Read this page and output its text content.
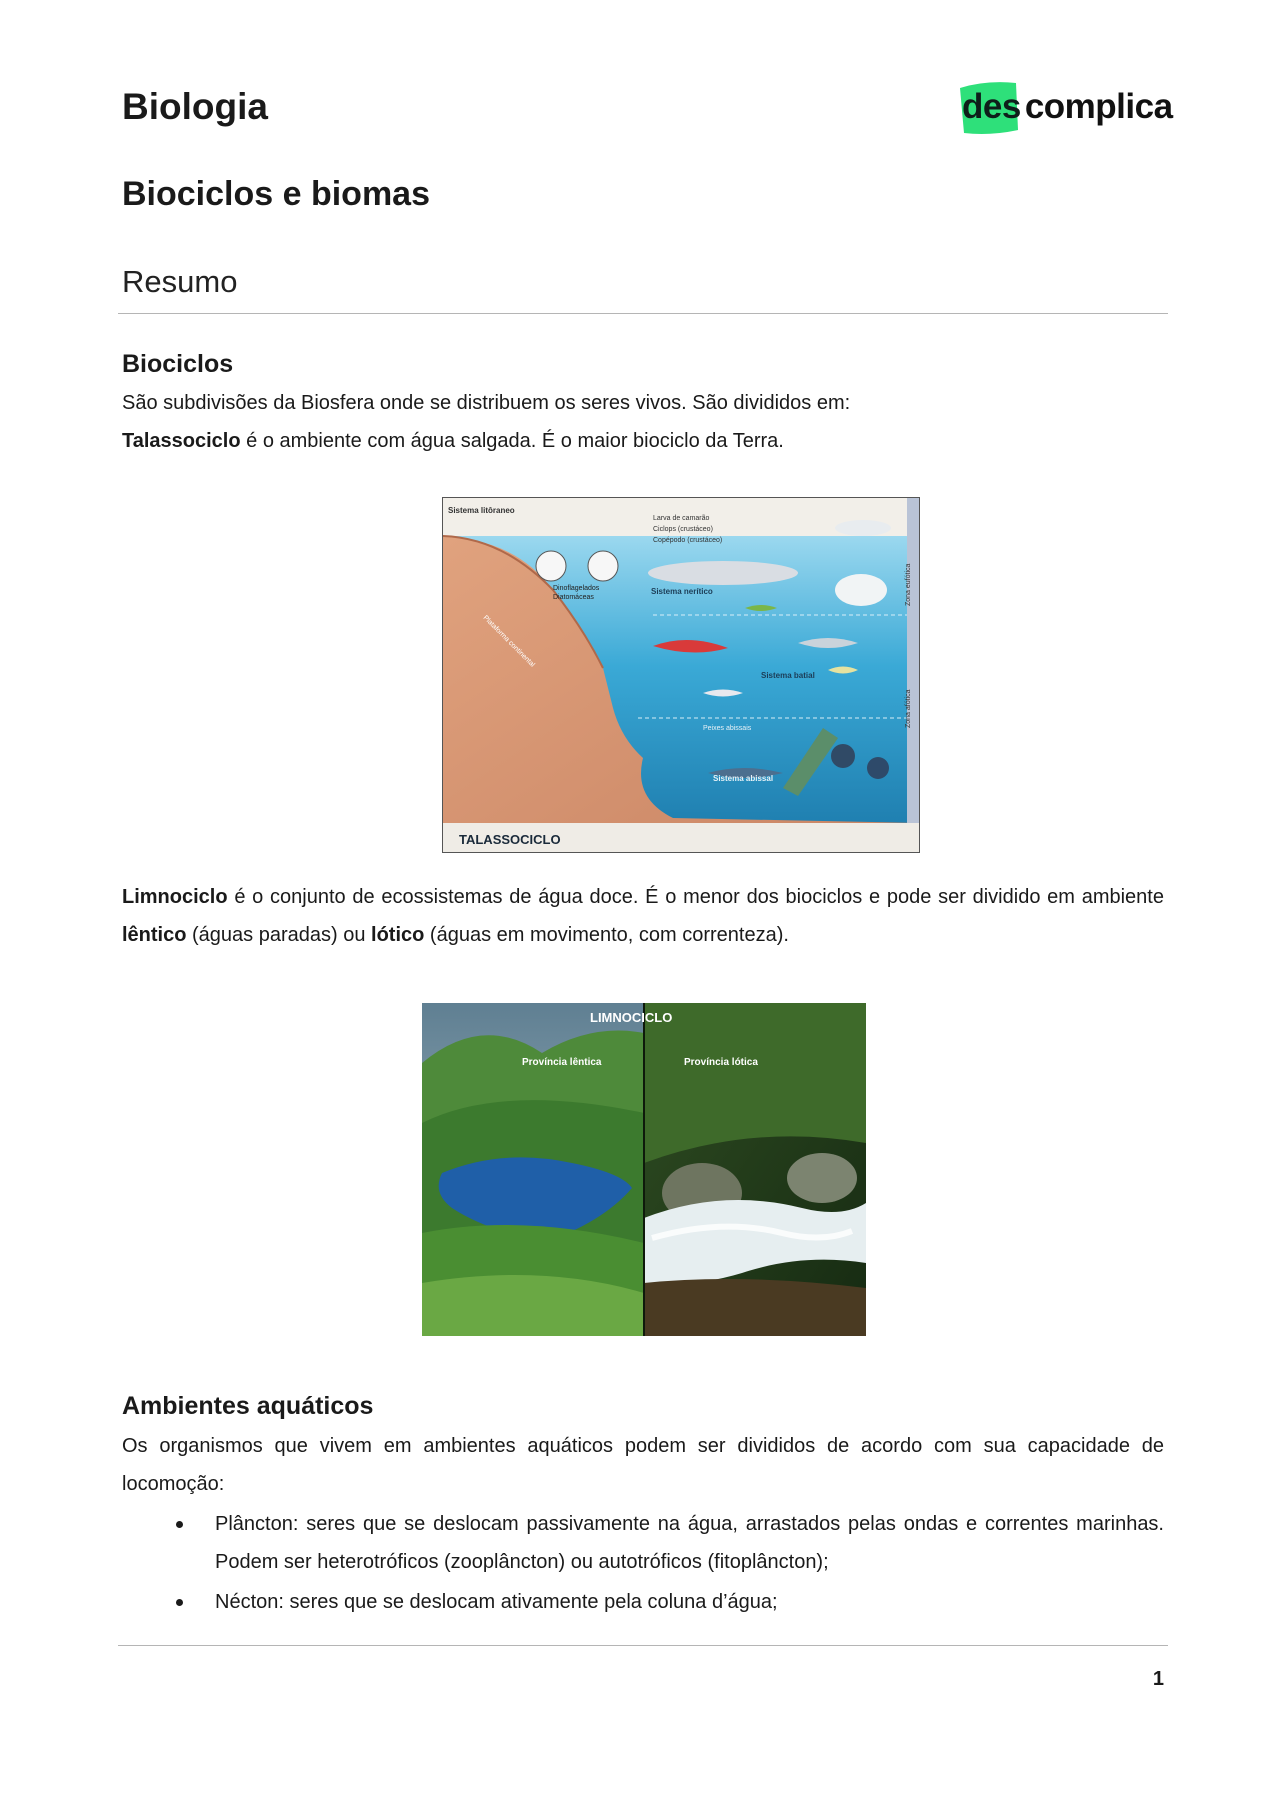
Biologia	des complica
Biociclos e biomas
Resumo
Biociclos
São subdivisões da Biosfera onde se distribuem os seres vivos. São divididos em:
Talassociclo é o ambiente com água salgada. É o maior biociclo da Terra.
Sistema litôraneo
Plataforma continental
Larva de camarão
Ciclops (crustáceo)
Copépodo (crustáceo)
Dinoflagelados
Diatomáceas
Sistema nerítico
Sistema batial
Peixes abissais
Sistema abissal
Zona eufótica
Zona afótica
TALASSOCICLO
Limnociclo é o conjunto de ecossistemas de água doce. É o menor dos biociclos e pode ser dividido em ambiente lêntico (águas paradas) ou lótico (águas em movimento, com correnteza).
LIMNOCICLO
Província lêntica	Província lótica
Ambientes aquáticos
Os organismos que vivem em ambientes aquáticos podem ser divididos de acordo com sua capacidade de locomoção:
Plâncton: seres que se deslocam passivamente na água, arrastados pelas ondas e correntes marinhas. Podem ser heterotróficos (zooplâncton) ou autotróficos (fitoplâncton);
Nécton: seres que se deslocam ativamente pela coluna d’água;
1
